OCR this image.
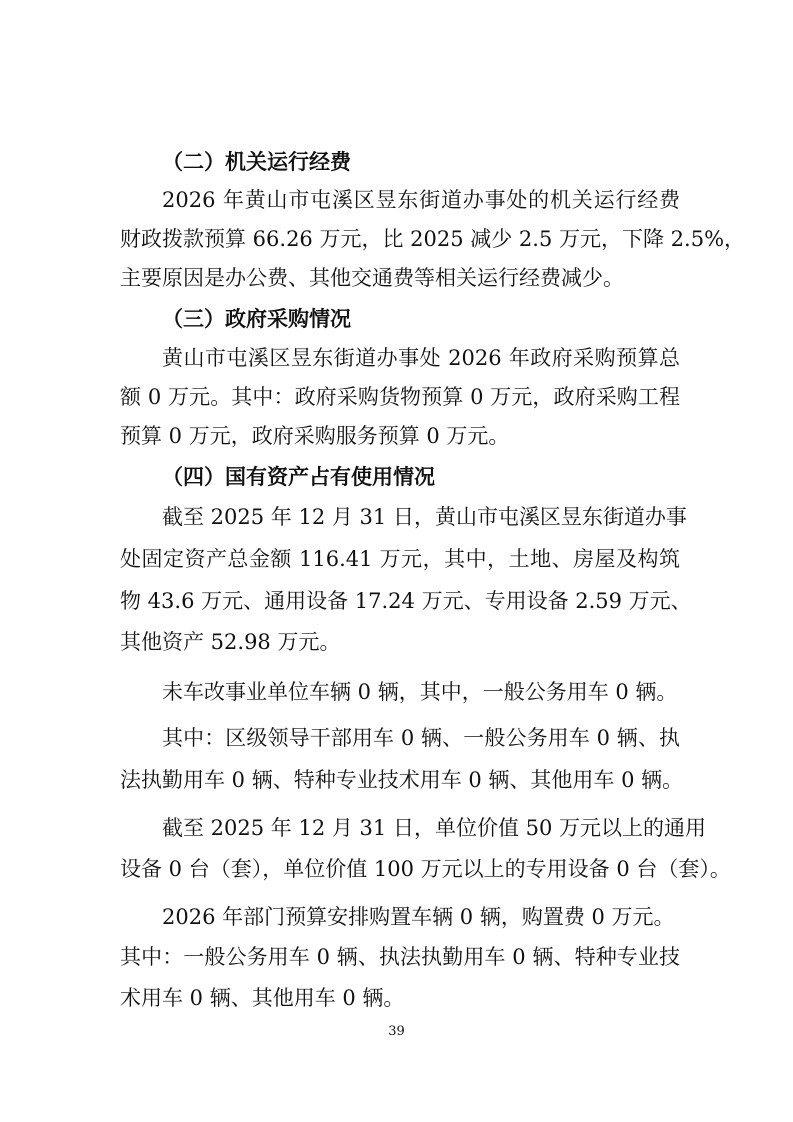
（二）机关运行经费
2026 年黄山市屯溪区昱东街道办事处的机关运行经费
财政拨款预算 66.26 万元，比 2025 减少 2.5 万元，下降 2.5%，
主要原因是办公费、其他交通费等相关运行经费减少。
（三）政府采购情况
黄山市屯溪区昱东街道办事处 2026 年政府采购预算总
额 0 万元。其中：政府采购货物预算 0 万元，政府采购工程
预算 0 万元，政府采购服务预算 0 万元。
（四）国有资产占有使用情况
截至 2025 年 12 月 31 日，黄山市屯溪区昱东街道办事
处固定资产总金额 116.41 万元，其中，土地、房屋及构筑
物 43.6 万元、通用设备 17.24 万元、专用设备 2.59 万元、
其他资产 52.98 万元。
未车改事业单位车辆 0 辆，其中，一般公务用车 0 辆。
其中：区级领导干部用车 0 辆、一般公务用车 0 辆、执
法执勤用车 0 辆、特种专业技术用车 0 辆、其他用车 0 辆。
截至 2025 年 12 月 31 日，单位价值 50 万元以上的通用
设备 0 台（套），单位价值 100 万元以上的专用设备 0 台（套）。
2026 年部门预算安排购置车辆 0 辆，购置费 0 万元。
其中：一般公务用车 0 辆、执法执勤用车 0 辆、特种专业技
术用车 0 辆、其他用车 0 辆。
39
